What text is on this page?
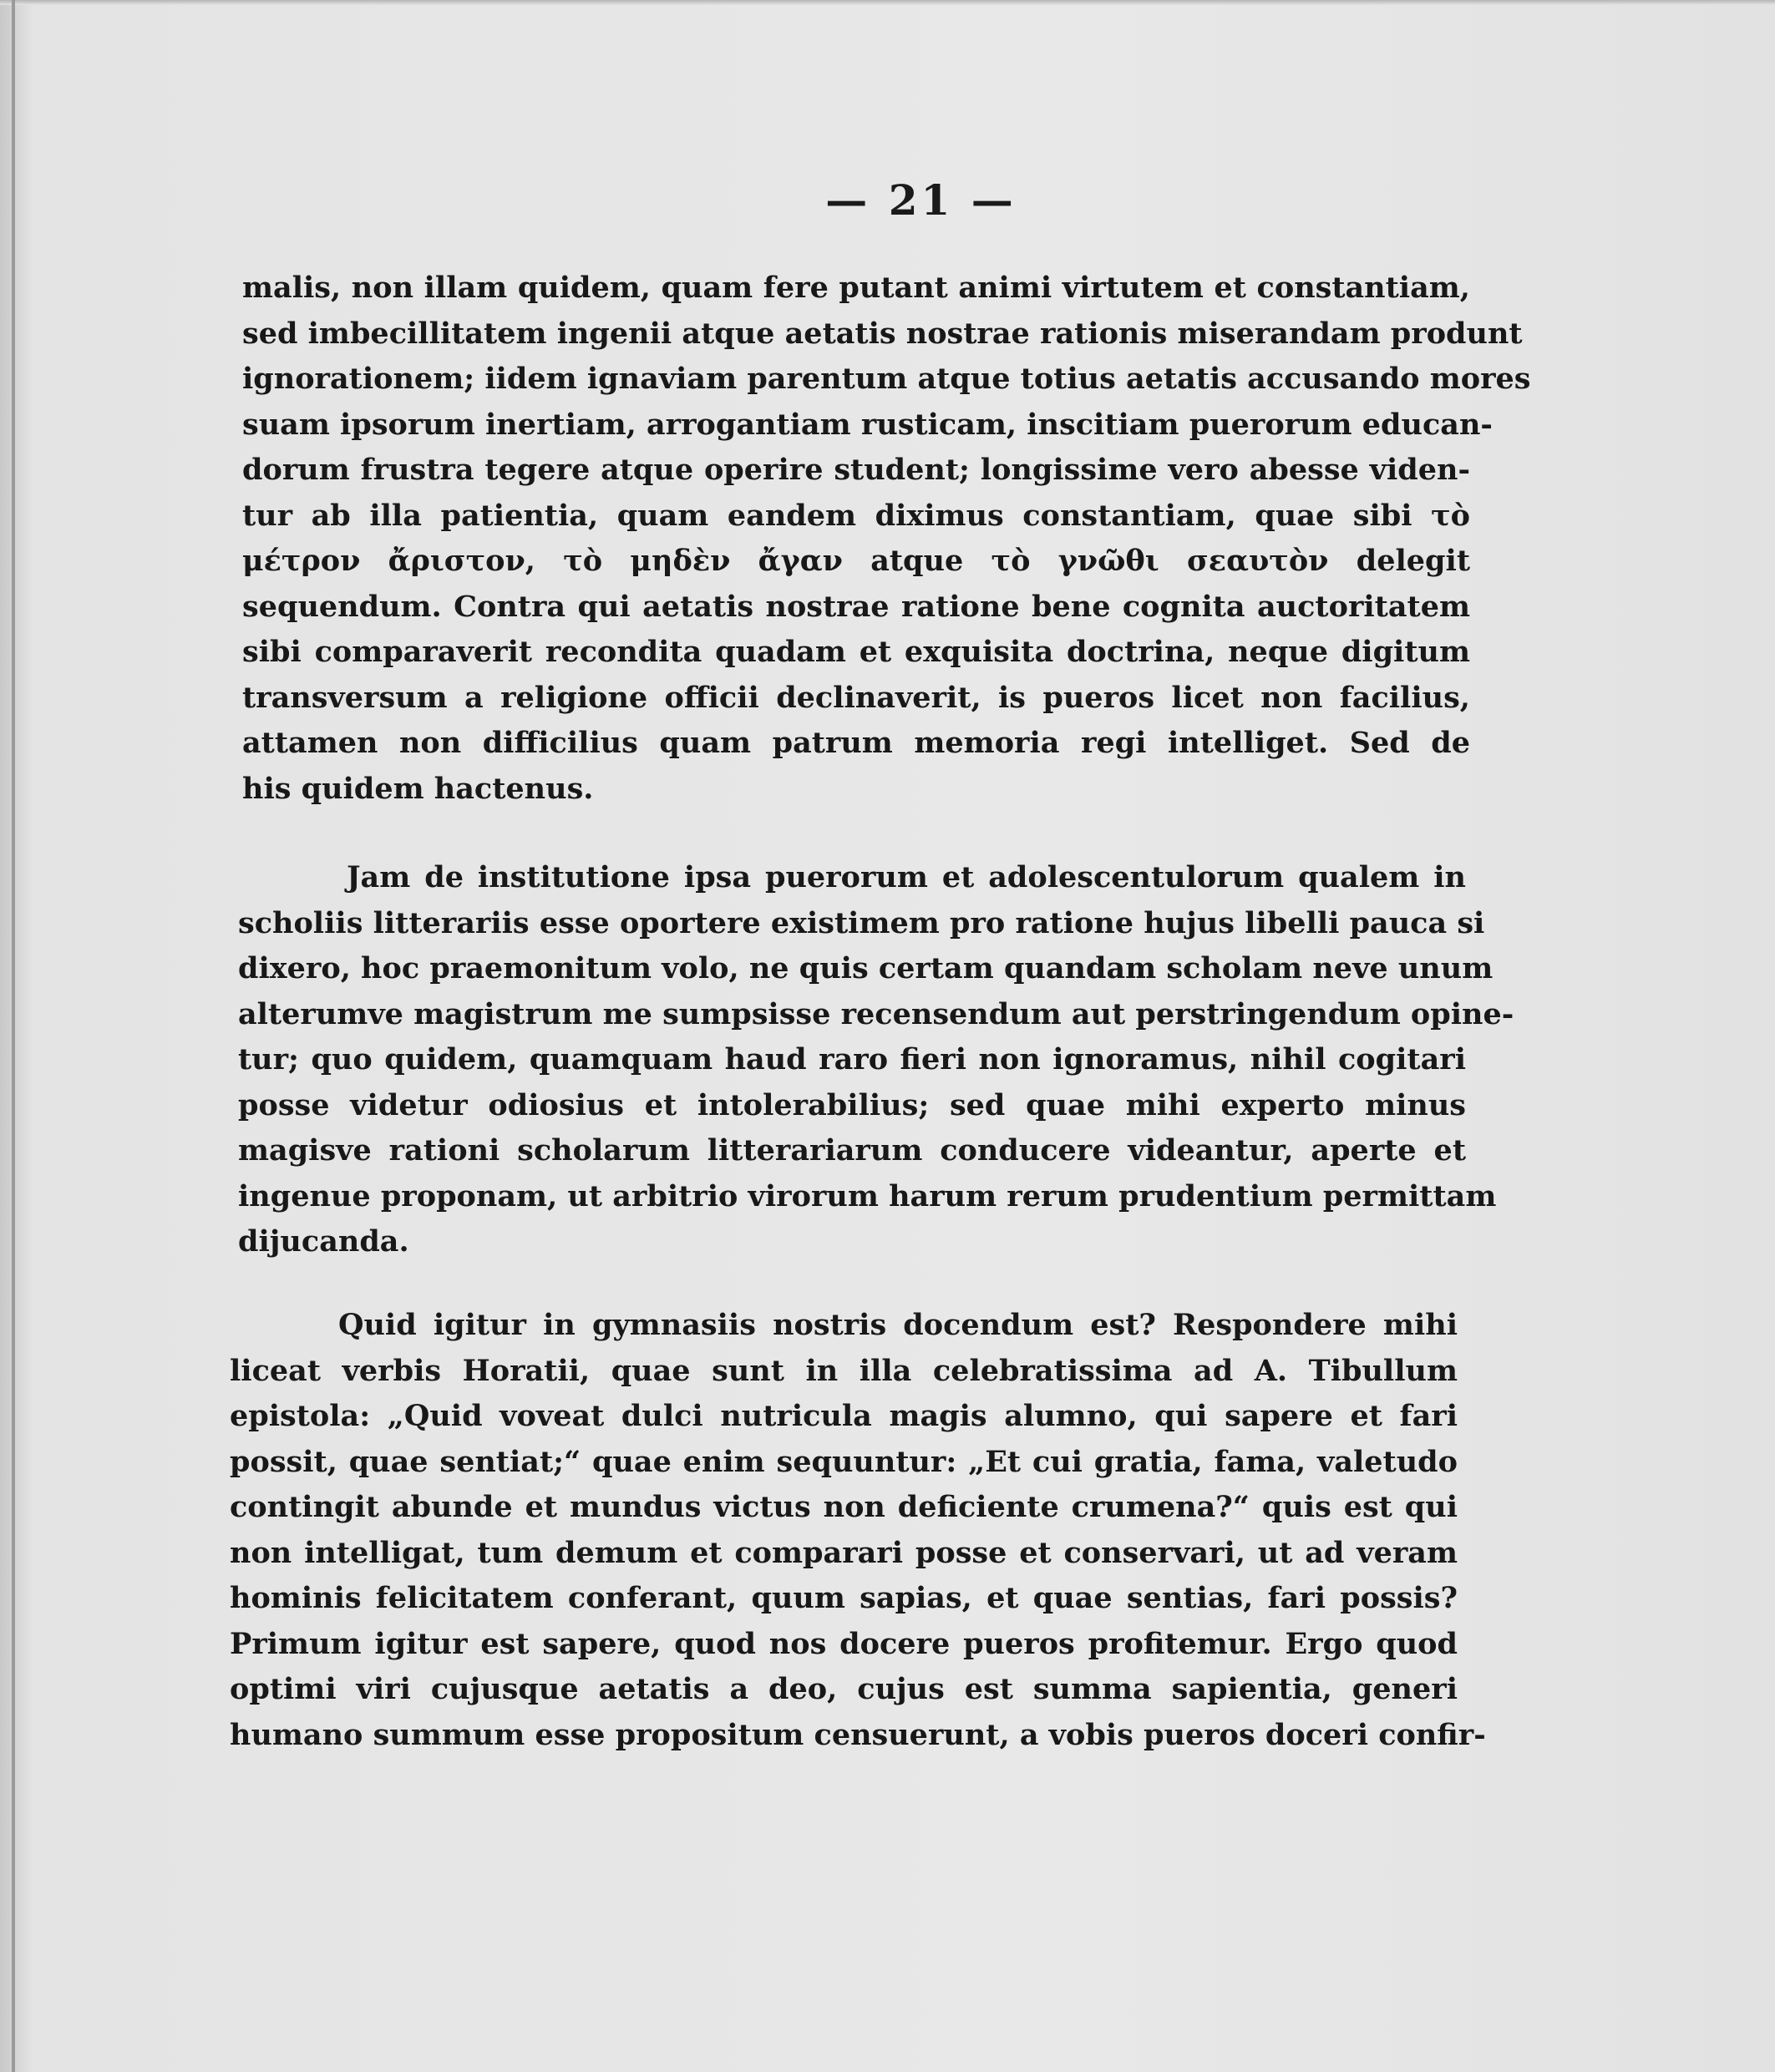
— 21 —
malis, non illam quidem, quam fere putant animi virtutem et constantiam,
sed imbecillitatem ingenii atque aetatis nostrae rationis miserandam produnt
ignorationem; iidem ignaviam parentum atque totius aetatis accusando mores
suam ipsorum inertiam, arrogantiam rusticam, inscitiam puerorum educan-
dorum frustra tegere atque operire student; longissime vero abesse viden-
tur ab illa patientia, quam eandem diximus constantiam, quae sibi τὸ
μέτρον ἄριστον, τὸ μηδὲν ἄγαν atque τὸ γνῶθι σεαυτὸν delegit
sequendum. Contra qui aetatis nostrae ratione bene cognita auctoritatem
sibi comparaverit recondita quadam et exquisita doctrina, neque digitum
transversum a religione officii declinaverit, is pueros licet non facilius,
attamen non difficilius quam patrum memoria regi intelliget. Sed de
his quidem hactenus.
Jam de institutione ipsa puerorum et adolescentulorum qualem in
scholiis litterariis esse oportere existimem pro ratione hujus libelli pauca si
dixero, hoc praemonitum volo, ne quis certam quandam scholam neve unum
alterumve magistrum me sumpsisse recensendum aut perstringendum opine-
tur; quo quidem, quamquam haud raro fieri non ignoramus, nihil cogitari
posse videtur odiosius et intolerabilius; sed quae mihi experto minus
magisve rationi scholarum litterariarum conducere videantur, aperte et
ingenue proponam, ut arbitrio virorum harum rerum prudentium permittam
dijucanda.
Quid igitur in gymnasiis nostris docendum est? Respondere mihi
liceat verbis Horatii, quae sunt in illa celebratissima ad A. Tibullum
epistola: „Quid voveat dulci nutricula magis alumno, qui sapere et fari
possit, quae sentiat;“ quae enim sequuntur: „Et cui gratia, fama, valetudo
contingit abunde et mundus victus non deficiente crumena?“ quis est qui
non intelligat, tum demum et comparari posse et conservari, ut ad veram
hominis felicitatem conferant, quum sapias, et quae sentias, fari possis?
Primum igitur est sapere, quod nos docere pueros profitemur. Ergo quod
optimi viri cujusque aetatis a deo, cujus est summa sapientia, generi
humano summum esse propositum censuerunt, a vobis pueros doceri confir-
